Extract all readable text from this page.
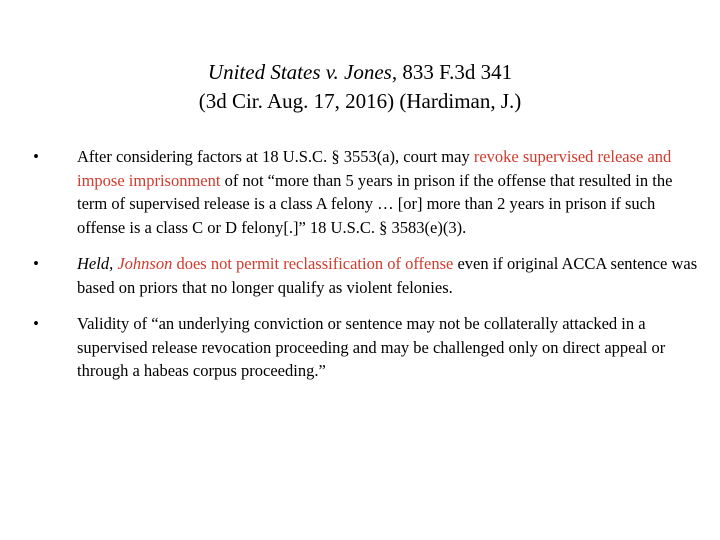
United States v. Jones, 833 F.3d 341
(3d Cir. Aug. 17, 2016) (Hardiman, J.)
• After considering factors at 18 U.S.C. § 3553(a), court may revoke supervised release and impose imprisonment of not “more than 5 years in prison if the offense that resulted in the term of supervised release is a class A felony … [or] more than 2 years in prison if such offense is a class C or D felony[.]” 18 U.S.C. § 3583(e)(3).
• Held, Johnson does not permit reclassification of offense even if original ACCA sentence was based on priors that no longer qualify as violent felonies.
• Validity of “an underlying conviction or sentence may not be collaterally attacked in a supervised release revocation proceeding and may be challenged only on direct appeal or through a habeas corpus proceeding.”
